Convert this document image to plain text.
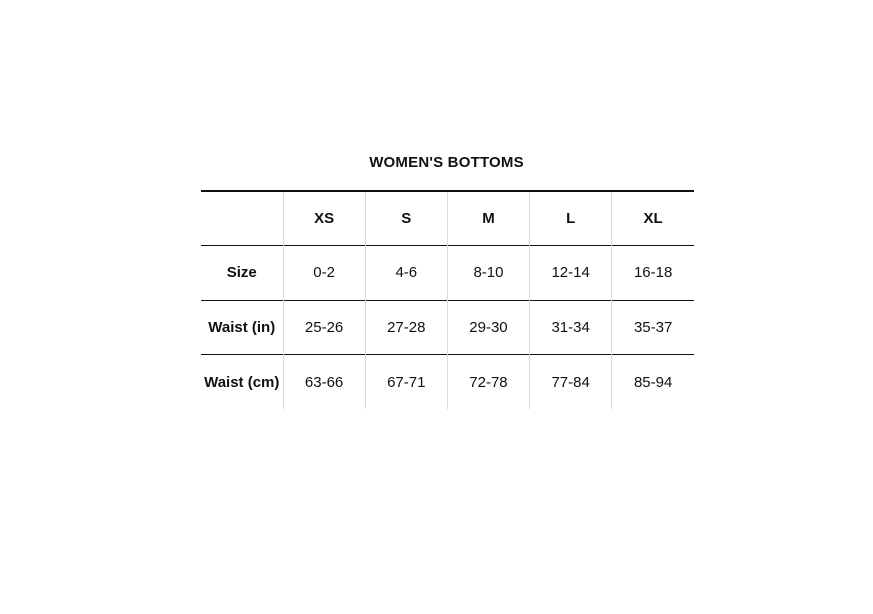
WOMEN'S BOTTOMS
	XS	S	M	L	XL
Size	0-2	4-6	8-10	12-14	16-18
Waist (in)	25-26	27-28	29-30	31-34	35-37
Waist (cm)	63-66	67-71	72-78	77-84	85-94
